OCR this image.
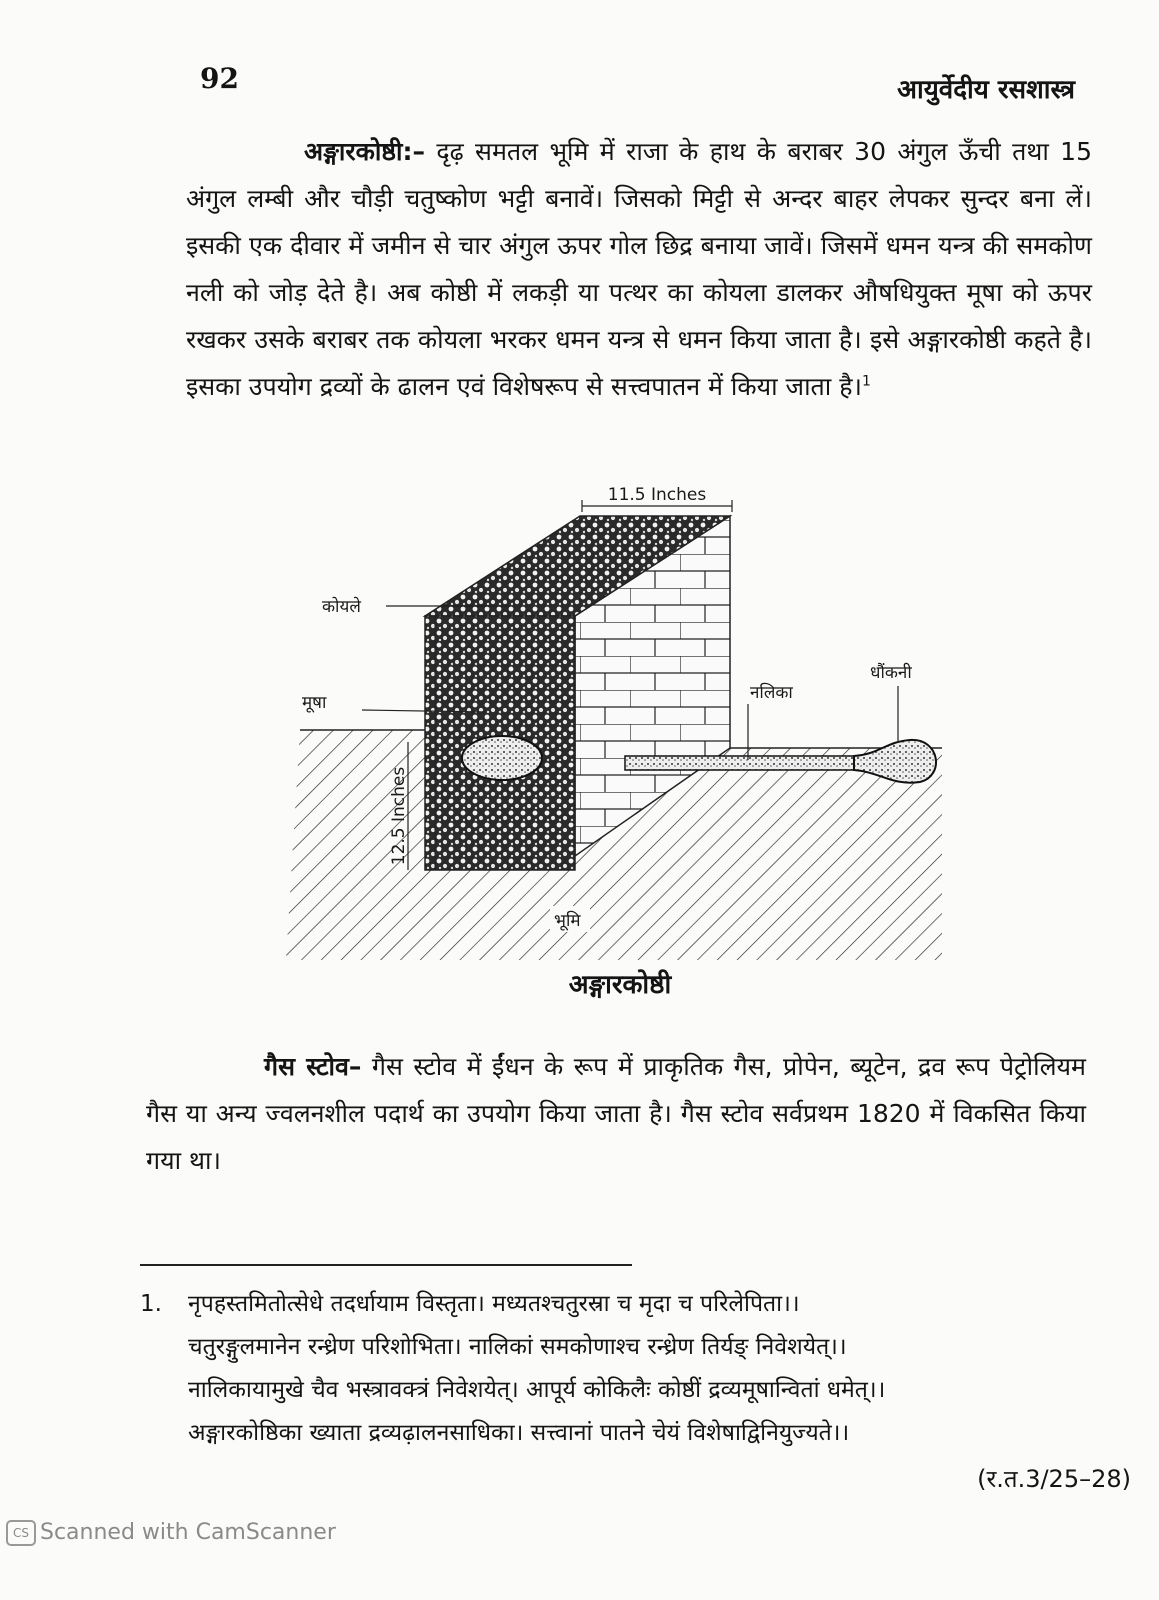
92	आयुर्वेदीय रसशास्त्र
अङ्गारकोष्ठी:– दृढ़ समतल भूमि में राजा के हाथ के बराबर 30 अंगुल ऊँची तथा 15 अंगुल लम्बी और चौड़ी चतुष्कोण भट्टी बनावें। जिसको मिट्टी से अन्दर बाहर लेपकर सुन्दर बना लें। इसकी एक दीवार में जमीन से चार अंगुल ऊपर गोल छिद्र बनाया जावें। जिसमें धमन यन्त्र की समकोण नली को जोड़ देते है। अब कोष्ठी में लकड़ी या पत्थर का कोयला डालकर औषधियुक्त मूषा को ऊपर रखकर उसके बराबर तक कोयला भरकर धमन यन्त्र से धमन किया जाता है। इसे अङ्गारकोष्ठी कहते है। इसका उपयोग द्रव्यों के ढालन एवं विशेषरूप से सत्त्वपातन में किया जाता है।$^1$
11.5 Inches
12.5 Inches
कोयले
मूषा	नलिका
धौंकनी
भूमि
अङ्गारकोष्ठी
गैस स्टोव– गैस स्टोव में ईंधन के रूप में प्राकृतिक गैस, प्रोपेन, ब्यूटेन, द्रव रूप पेट्रोलियम गैस या अन्य ज्वलनशील पदार्थ का उपयोग किया जाता है। गैस स्टोव सर्वप्रथम 1820 में विकसित किया गया था।
1.	नृपहस्तमितोत्सेधे तदर्धायाम विस्तृता। मध्यतश्चतुरस्रा च मृदा च परिलेपिता।।
चतुरङ्गुलमानेन रन्ध्रेण परिशोभिता। नालिकां समकोणाश्च रन्ध्रेण तिर्यङ् निवेशयेत्।।
नालिकायामुखे चैव भस्त्रावक्त्रं निवेशयेत्। आपूर्य कोकिलैः कोष्ठीं द्रव्यमूषान्वितां धमेत्।।
अङ्गारकोष्ठिका ख्याता द्रव्यढ़ालनसाधिका। सत्त्वानां पातने चेयं विशेषाद्विनियुज्यते।।
(र.त.3/25–28)
CS Scanned with CamScanner
